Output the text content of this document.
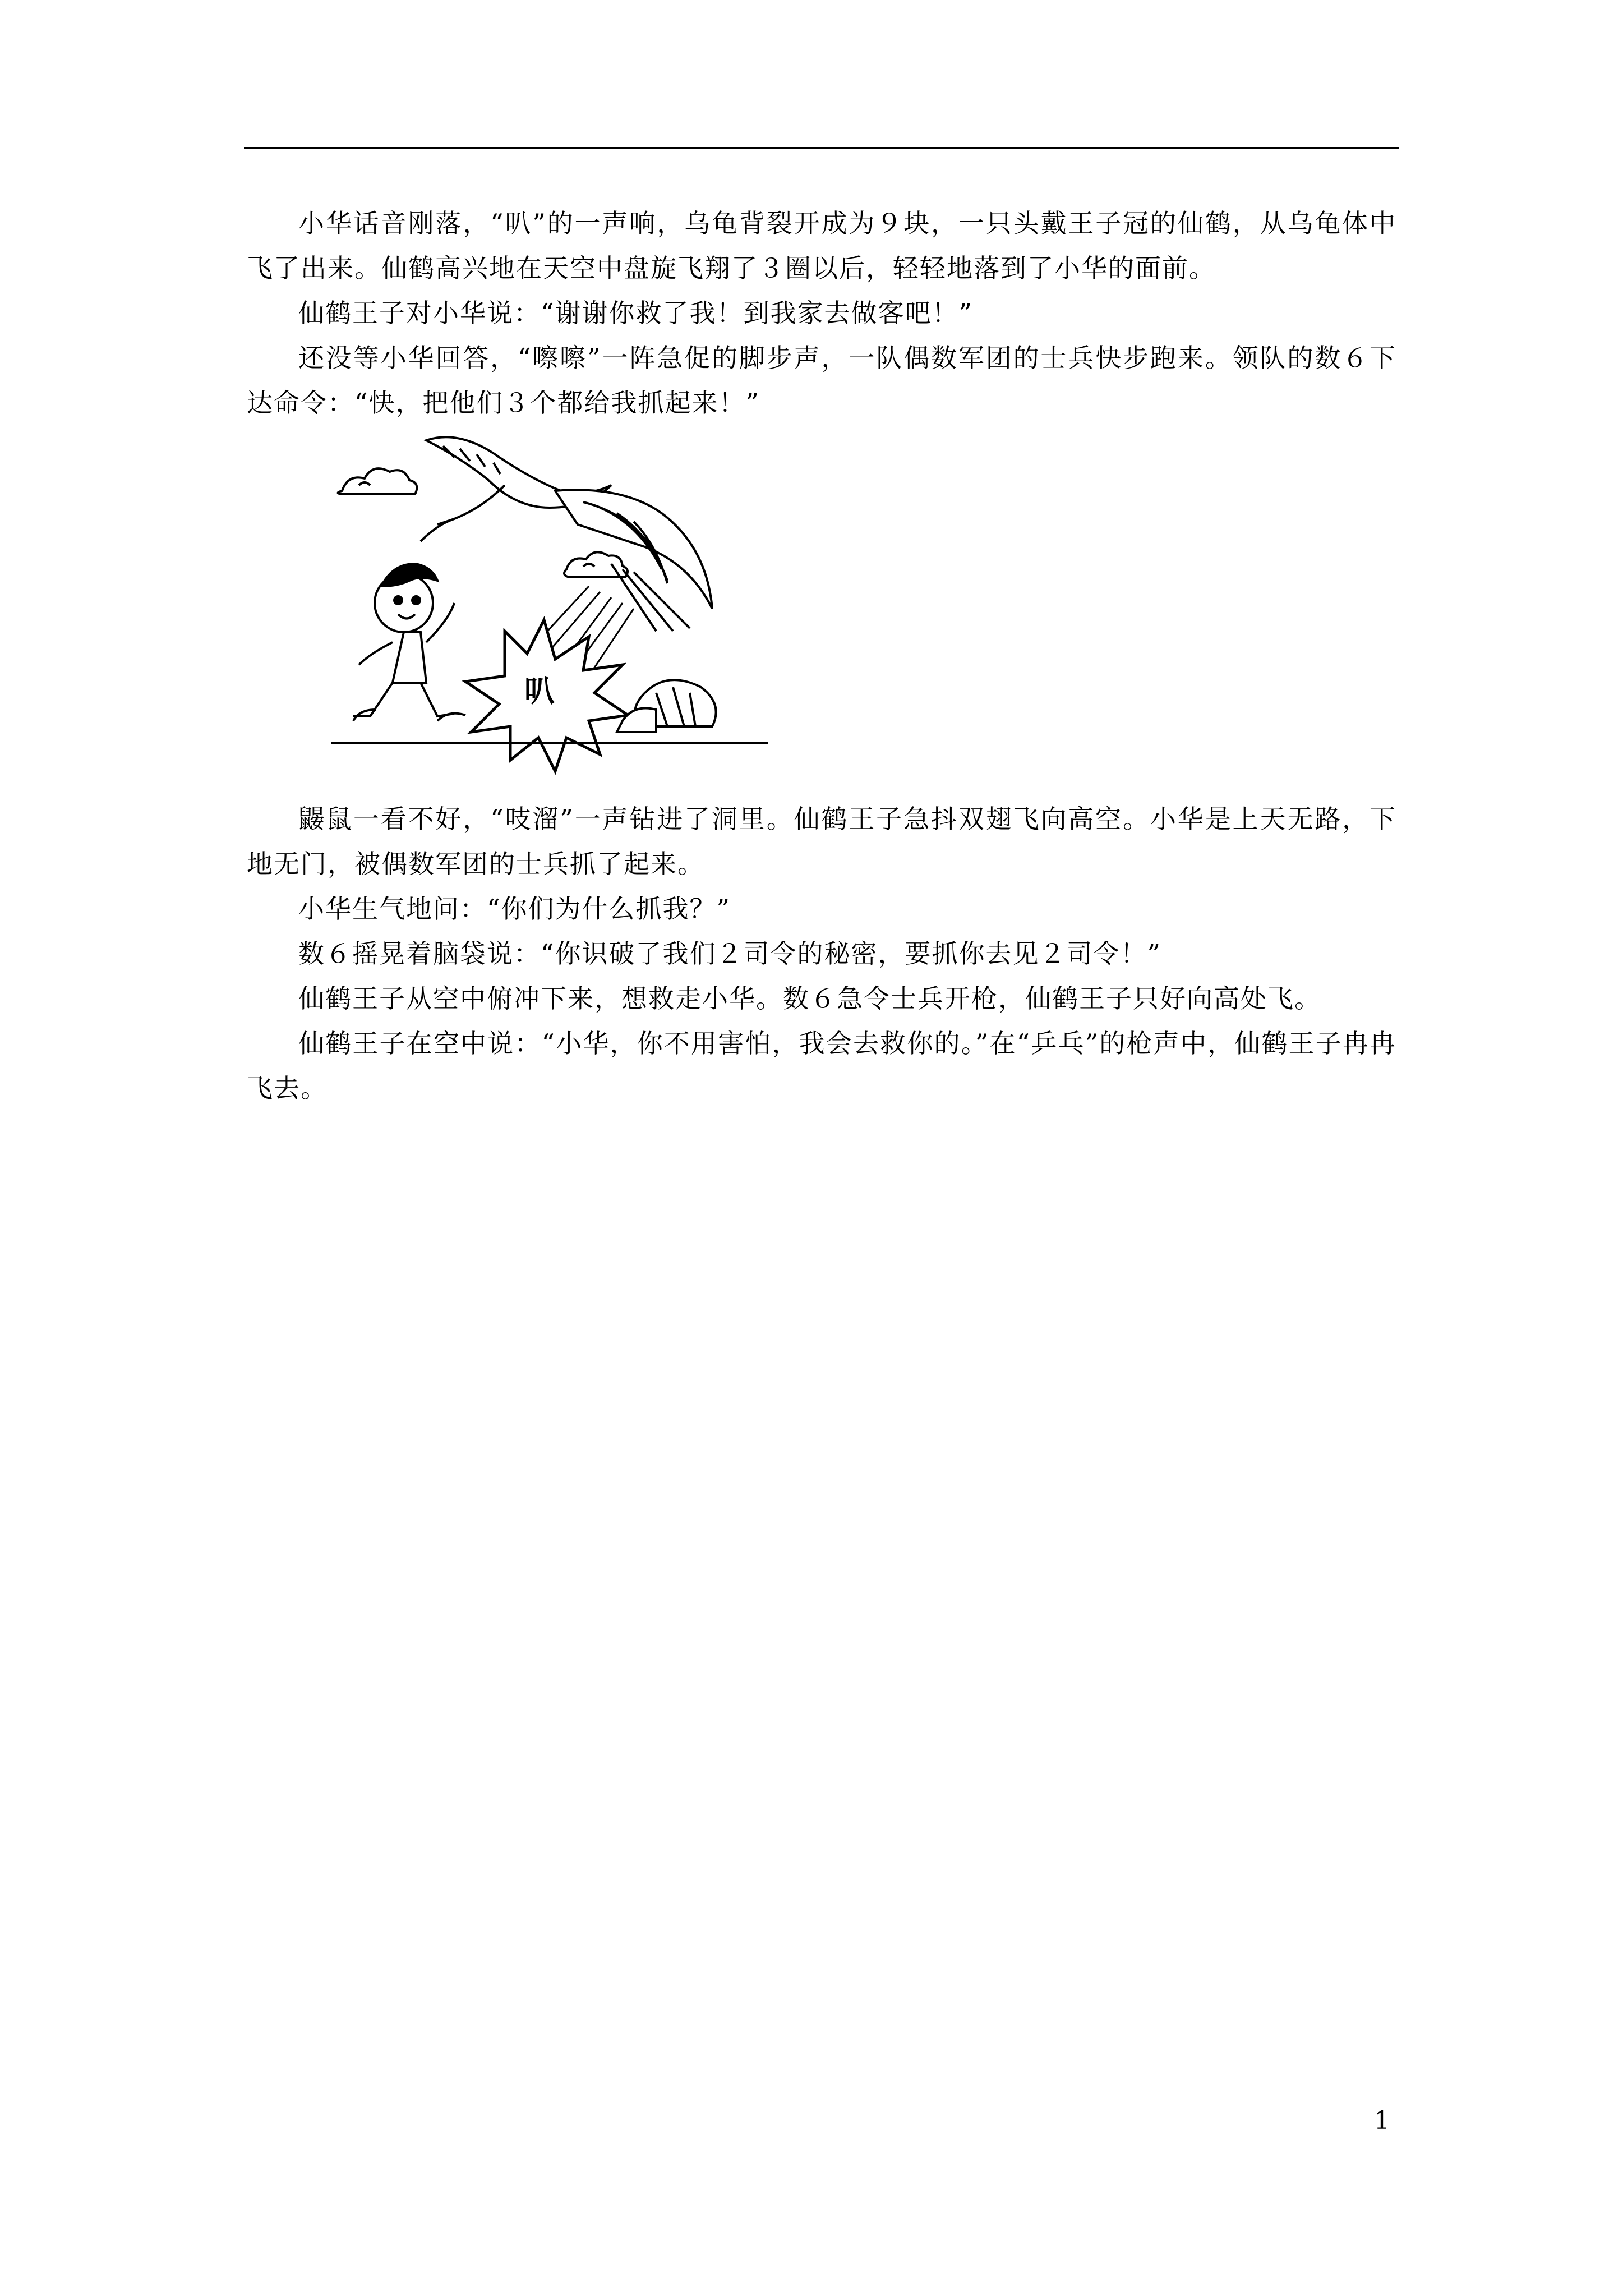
小华话音刚落，“叭”的一声响，乌龟背裂开成为９块，一只头戴王子冠的仙鹤，从乌龟体中飞了出来。仙鹤高兴地在天空中盘旋飞翔了３圈以后，轻轻地落到了小华的面前。

仙鹤王子对小华说：“谢谢你救了我！到我家去做客吧！”

还没等小华回答，“嚓嚓”一阵急促的脚步声，一队偶数军团的士兵快步跑来。领队的数６下达命令：“快，把他们３个都给我抓起来！”

叭

鼹鼠一看不好，“吱溜”一声钻进了洞里。仙鹤王子急抖双翅飞向高空。小华是上天无路，下地无门，被偶数军团的士兵抓了起来。

小华生气地问：“你们为什么抓我？”

数６摇晃着脑袋说：“你识破了我们２司令的秘密，要抓你去见２司令！”

仙鹤王子从空中俯冲下来，想救走小华。数６急令士兵开枪，仙鹤王子只好向高处飞。

仙鹤王子在空中说：“小华，你不用害怕，我会去救你的。”在“乒乓”的枪声中，仙鹤王子冉冉飞去。

1
